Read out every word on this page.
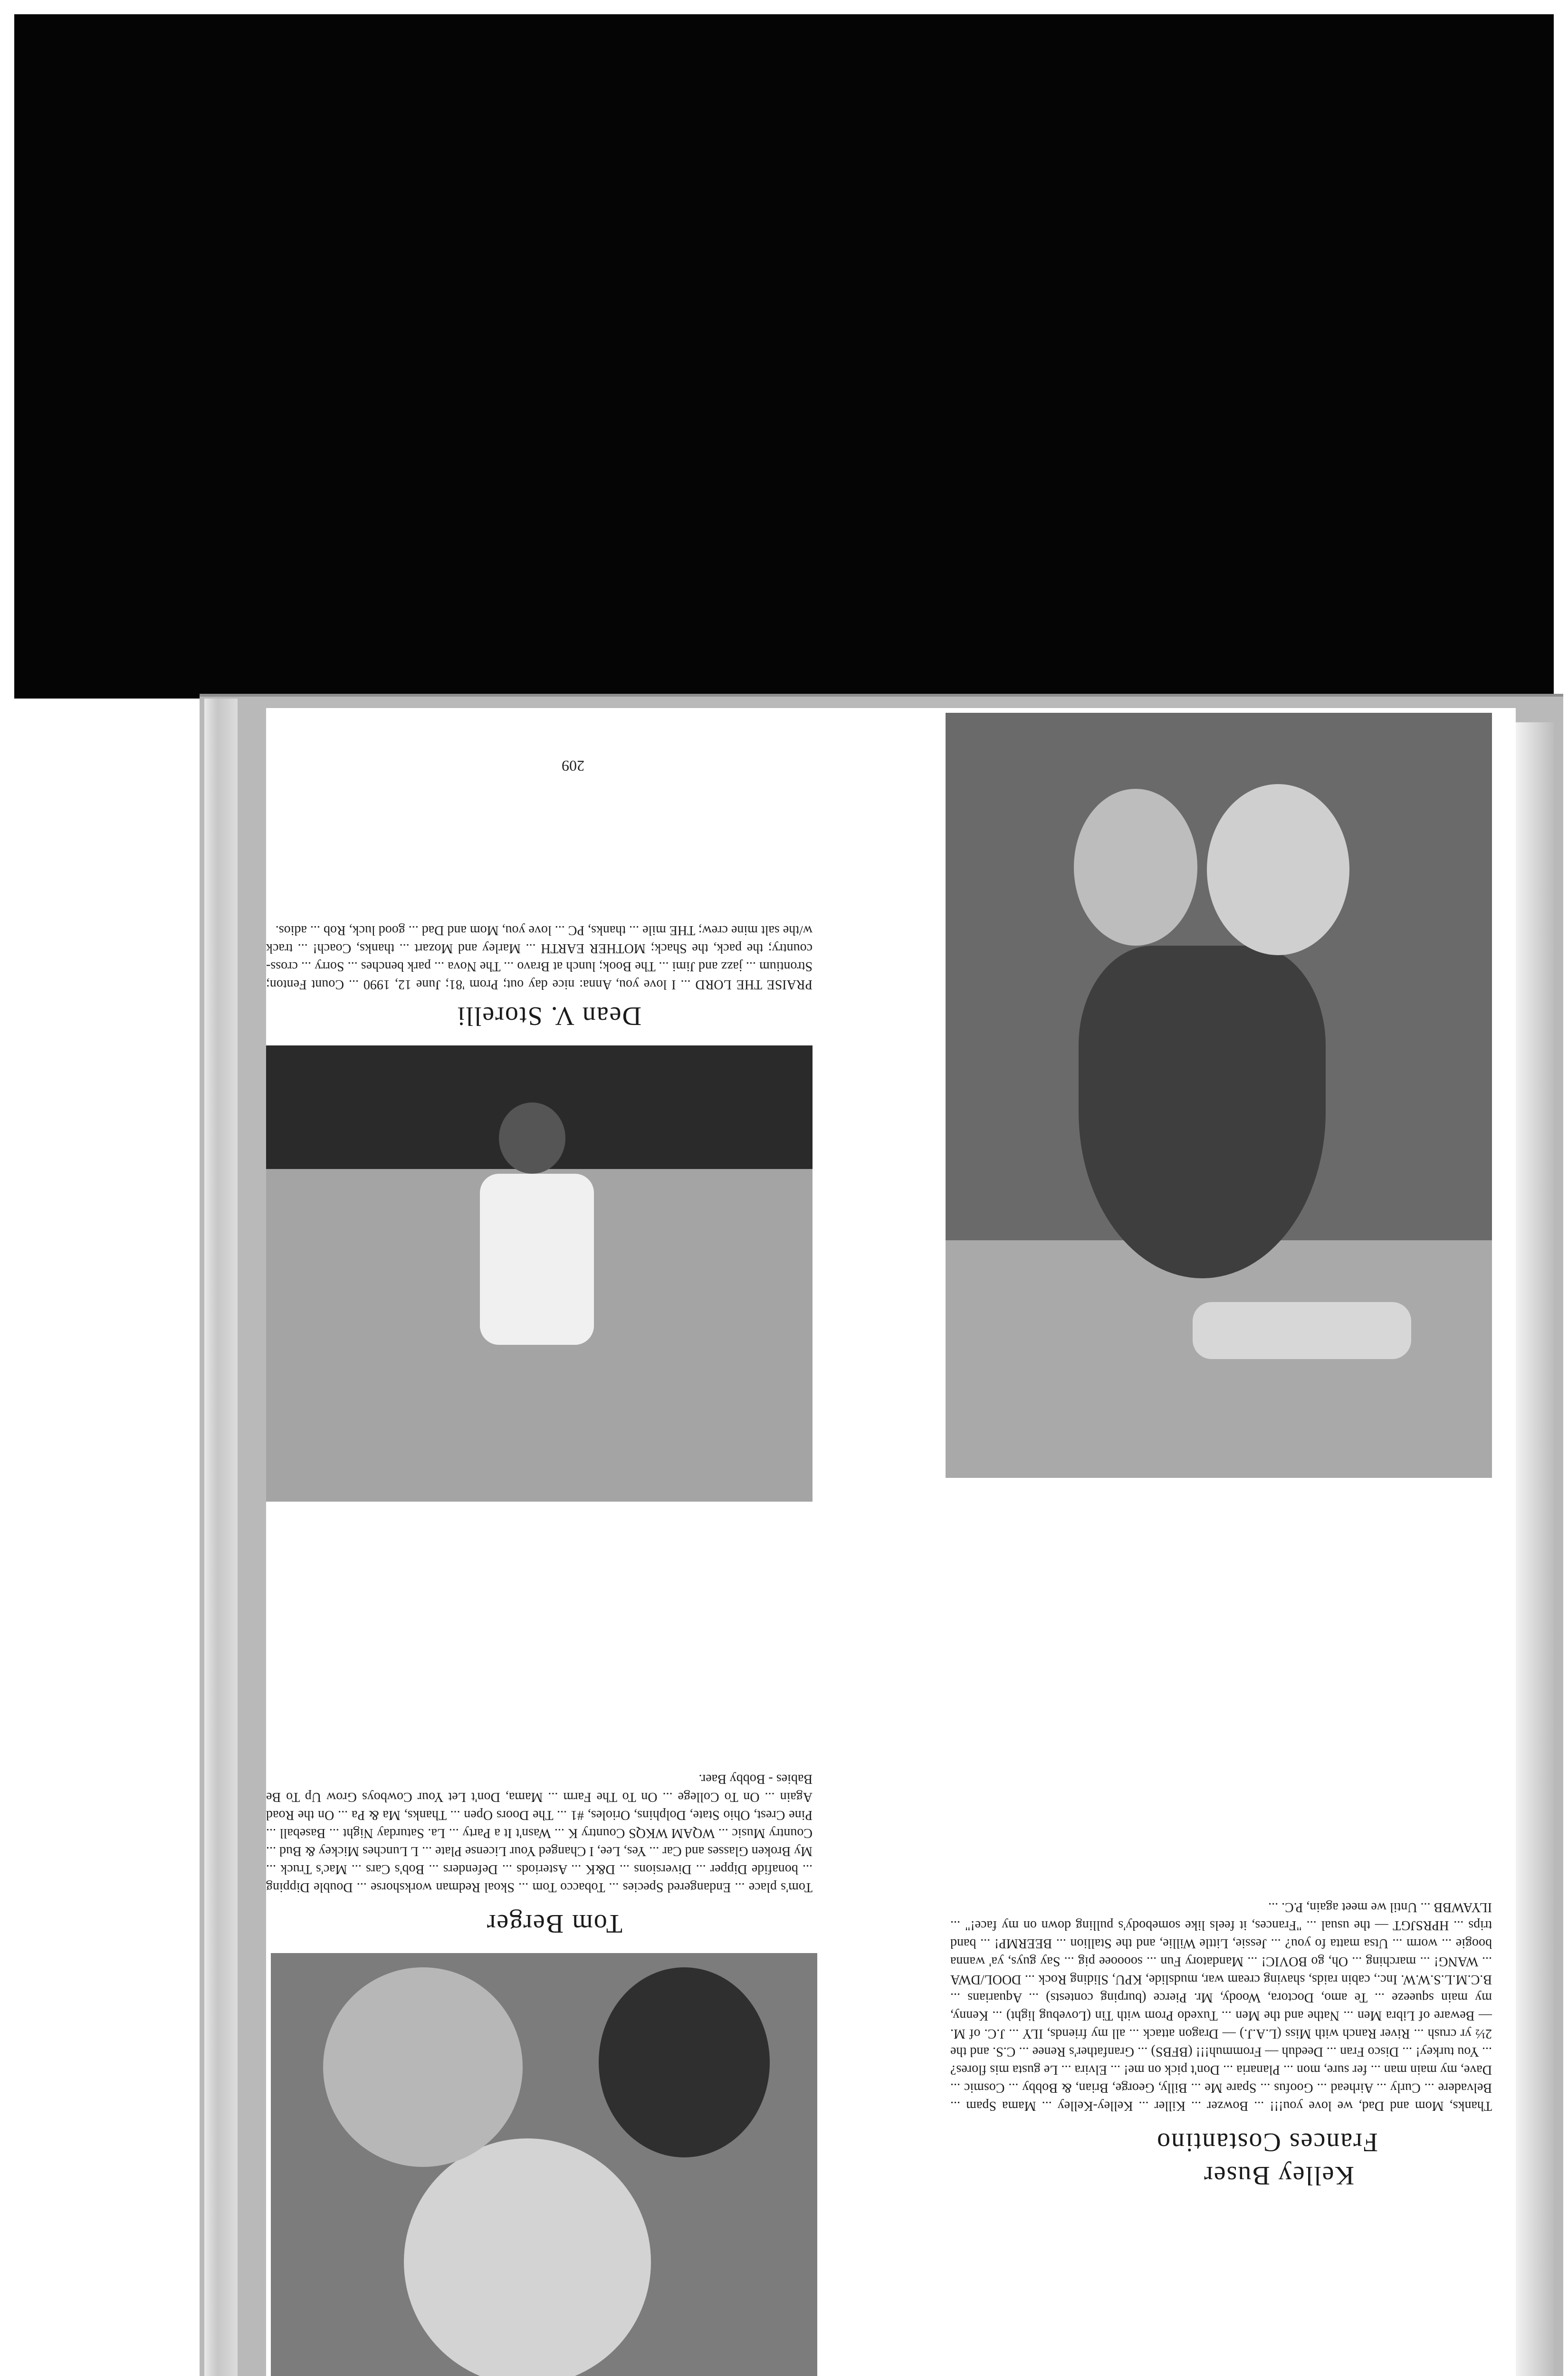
209
Kelley Buser
Frances Costantino
Thanks, Mom and Dad, we love you!!! ... Bowzer ... Killer ... Kelley-Kelley ... Mama Spam ... Belvadere ... Curly ... Airhead ... Goofus ... Spare Me ... Billy, George, Brian, & Bobby ... Cosmic ... Dave, my main man ... fer sure, mon ... Planaria ... Don't pick on me! ... Elvira ... Le gusta mis flores? ... You turkey! ... Disco Fran ... Deeduh — Frommuh!!! (BFBS) ... Granfather's Renee ... C.S. and the 2½ yr crush ... River Ranch with Miss (L.A.J.) — Dragon attack ... all my friends, ILY ... J.C. of M. — Beware of Libra Men ... Nathe and the Men ... Tuxedo Prom with Tin (Lovebug light) ... Kenny, my main squeeze ... Te amo, Doctora, Woody, Mr. Pierce (burping contests) ... Aquarians ... B.C.M.L.S.W.W. Inc., cabin raids, shaving cream war, mudslide, KPU, Sliding Rock ... DOOL/DWA ... WANG! ... marching ... Oh, go BOVIC! ... Mandatory Fun ... sooooee pig ... Say guys, ya' wanna boogie ... worm ... Utsa matta fo you? ... Jessie, Little Willie, and the Stallion ... BEERMP! ... band trips ... HPRSJGT — the usual ... "Frances, it feels like somebody's pulling down on my face!" ... ILYAWBB ... Until we meet again, P.C. ...
Dean V. Storelli
PRAISE THE LORD ... I love you, Anna: nice day out; Prom '81; June 12, 1990 ... Count Fenton; Strontium ... jazz and Jimi ... The Book; lunch at Bravo ... The Nova ... park benches ... Sorry ... cross-country; the pack, the Shack; MOTHER EARTH ... Marley and Mozart ... thanks, Coach! ... track w/the salt mine crew; THE mile ... thanks, PC ... love you, Mom and Dad ... good luck, Rob ... adios.
Tom Berger
Tom's place ... Endangered Species ... Tobacco Tom ... Skoal Redman workshorse ... Double Dipping ... bonafide Dipper ... Diversions ... D&K ... Asteriods ... Defenders ... Bob's Cars ... Mac's Truck ... My Broken Glasses and Car ... Yes, Lee, I Changed Your License Plate ... L Lunches Mickey & Bud ... Country Music ... WQAM WKQS Country K ... Wasn't It a Party ... La. Saturday Night ... Baseball ... Pine Crest, Ohio State, Dolphins, Orioles, #1 ... The Doors Open ... Thanks, Ma & Pa ... On the Road Again ... On To College ... On To The Farm ... Mama, Don't Let Your Cowboys Grow Up To Be Babies - Bobby Baer.
